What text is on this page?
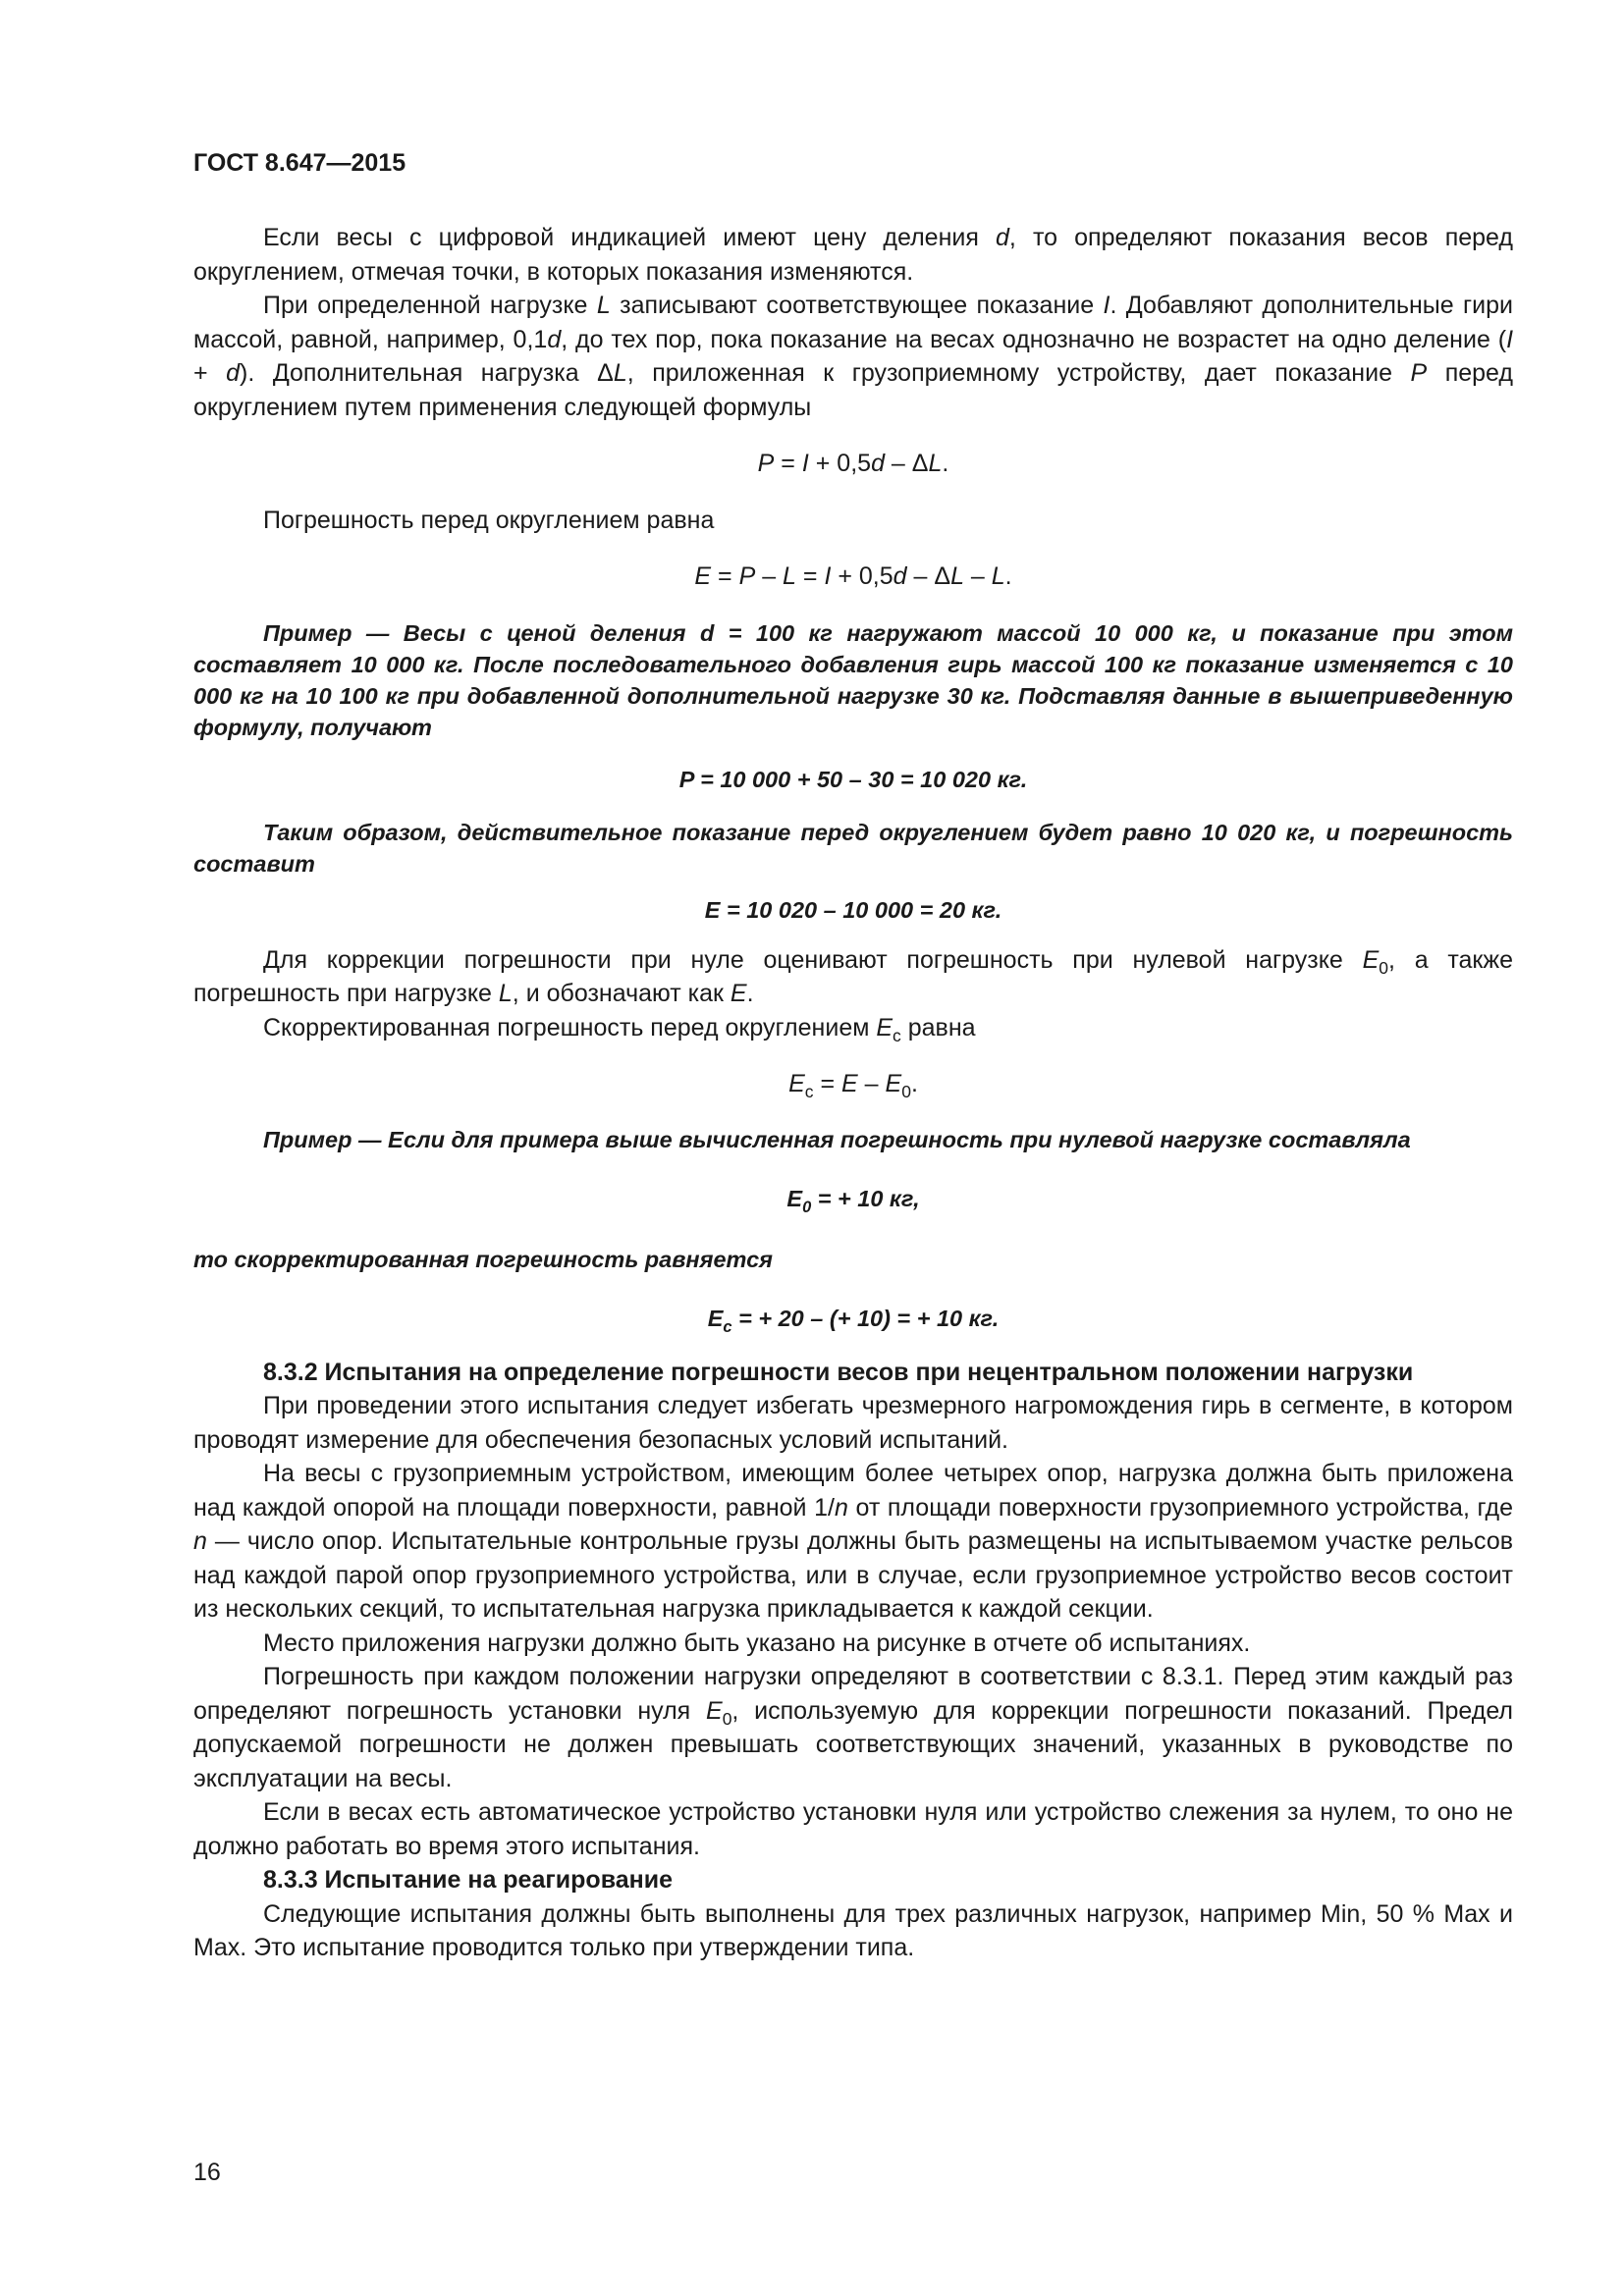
ГОСТ 8.647—2015

Если весы с цифровой индикацией имеют цену деления d, то определяют показания весов перед округлением, отмечая точки, в которых показания изменяются.

При определенной нагрузке L записывают соответствующее показание I. Добавляют дополнительные гири массой, равной, например, 0,1d, до тех пор, пока показание на весах однозначно не возрастет на одно деление (I + d). Дополнительная нагрузка ΔL, приложенная к грузоприемному устройству, дает показание P перед округлением путем применения следующей формулы

P = I + 0,5d – ΔL.

Погрешность перед округлением равна

E = P – L = I + 0,5d – ΔL – L.

Пример — Весы с ценой деления d = 100 кг нагружают массой 10 000 кг, и показание при этом составляет 10 000 кг. После последовательного добавления гирь массой 100 кг показание изменяется с 10 000 кг на 10 100 кг при добавленной дополнительной нагрузке 30 кг. Подставляя данные в вышеприведенную формулу, получают

P = 10 000 + 50 – 30 = 10 020 кг.

Таким образом, действительное показание перед округлением будет равно 10 020 кг, и погрешность составит

E = 10 020 – 10 000 = 20 кг.

Для коррекции погрешности при нуле оценивают погрешность при нулевой нагрузке $E_0$, а также погрешность при нагрузке L, и обозначают как E.

Скорректированная погрешность перед округлением $E_c$ равна

$E_c = E - E_0$.

Пример — Если для примера выше вычисленная погрешность при нулевой нагрузке составляла

$E_0$ = + 10 кг,

то скорректированная погрешность равняется

$E_c$ = + 20 – (+ 10) = + 10 кг.

8.3.2 Испытания на определение погрешности весов при нецентральном положении нагрузки

При проведении этого испытания следует избегать чрезмерного нагромождения гирь в сегменте, в котором проводят измерение для обеспечения безопасных условий испытаний.

На весы с грузоприемным устройством, имеющим более четырех опор, нагрузка должна быть приложена над каждой опорой на площади поверхности, равной 1/n от площади поверхности грузоприемного устройства, где n — число опор. Испытательные контрольные грузы должны быть размещены на испытываемом участке рельсов над каждой парой опор грузоприемного устройства, или в случае, если грузоприемное устройство весов состоит из нескольких секций, то испытательная нагрузка прикладывается к каждой секции.

Место приложения нагрузки должно быть указано на рисунке в отчете об испытаниях.

Погрешность при каждом положении нагрузки определяют в соответствии с 8.3.1. Перед этим каждый раз определяют погрешность установки нуля $E_0$, используемую для коррекции погрешности показаний. Предел допускаемой погрешности не должен превышать соответствующих значений, указанных в руководстве по эксплуатации на весы.

Если в весах есть автоматическое устройство установки нуля или устройство слежения за нулем, то оно не должно работать во время этого испытания.

8.3.3 Испытание на реагирование

Следующие испытания должны быть выполнены для трех различных нагрузок, например Min, 50 % Max и Max. Это испытание проводится только при утверждении типа.

16
